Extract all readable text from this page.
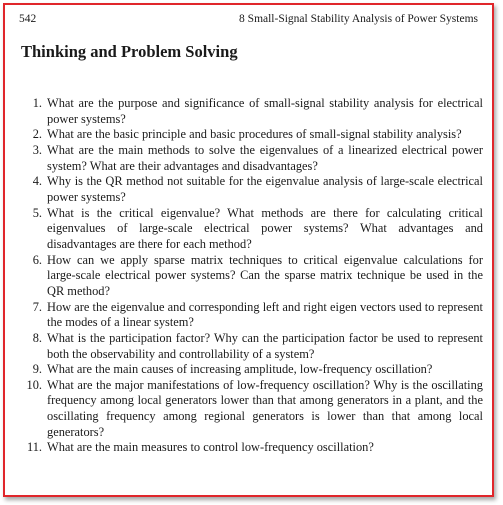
542	8 Small-Signal Stability Analysis of Power Systems
Thinking and Problem Solving
1. What are the purpose and significance of small-signal stability analysis for electrical power systems?
2. What are the basic principle and basic procedures of small-signal stability analysis?
3. What are the main methods to solve the eigenvalues of a linearized electrical power system? What are their advantages and disadvantages?
4. Why is the QR method not suitable for the eigenvalue analysis of large-scale electrical power systems?
5. What is the critical eigenvalue? What methods are there for calculating critical eigenvalues of large-scale electrical power systems? What advantages and disadvantages are there for each method?
6. How can we apply sparse matrix techniques to critical eigenvalue calculations for large-scale electrical power systems? Can the sparse matrix technique be used in the QR method?
7. How are the eigenvalue and corresponding left and right eigen vectors used to represent the modes of a linear system?
8. What is the participation factor? Why can the participation factor be used to represent both the observability and controllability of a system?
9. What are the main causes of increasing amplitude, low-frequency oscillation?
10. What are the major manifestations of low-frequency oscillation? Why is the oscillating frequency among local generators lower than that among generators in a plant, and the oscillating frequency among regional generators is lower than that among local generators?
11. What are the main measures to control low-frequency oscillation?
